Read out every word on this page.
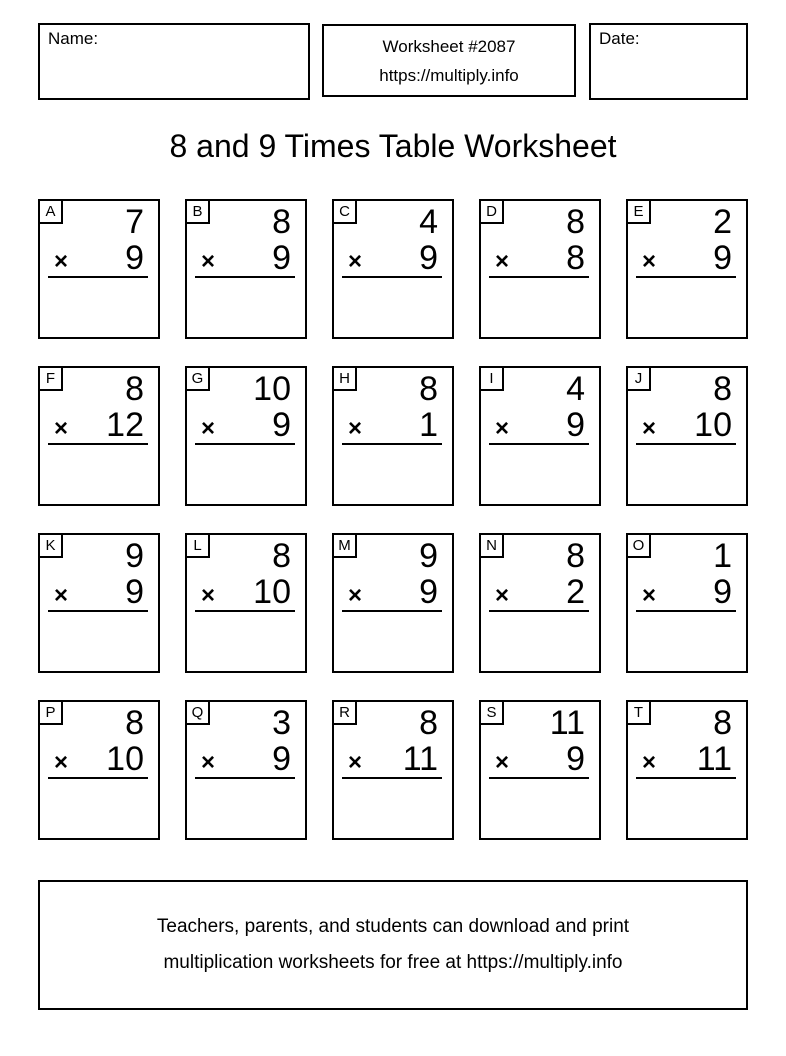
Name:	Worksheet #2087
https://multiply.info
Date:
8 and 9 Times Table Worksheet
A	7
× 9
B	8
× 9
C	4
× 9
D	8
× 8
E	2
× 9
F	8
× 12
G	10
× 9
H	8
× 1
I	4
× 9
J	8
× 10
K	9
× 9
L	8
× 10
M	9
× 9
N	8
× 2
O	1
× 9
P	8
× 10
Q	3
× 9
R	8
× 11
S	11
× 9
T	8
× 11
Teachers, parents, and students can download and print
multiplication worksheets for free at https://multiply.info
